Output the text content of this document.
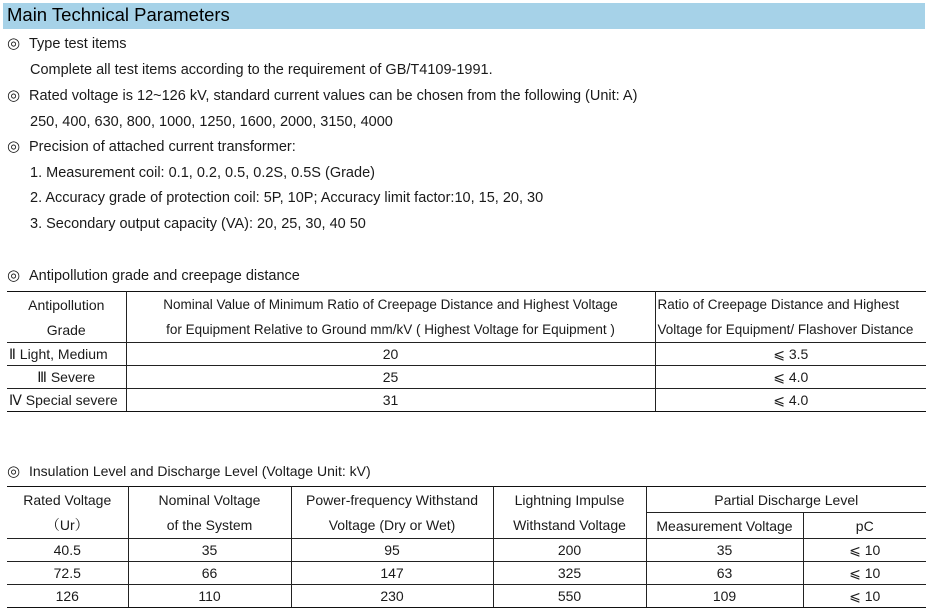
Main Technical Parameters
◎ Type test items
Complete all test items according to the requirement of GB/T4109-1991.
◎ Rated voltage is 12~126 kV, standard current values can be chosen from the following (Unit: A)
250, 400, 630, 800, 1000, 1250, 1600, 2000, 3150, 4000
◎ Precision of attached current transformer:
1. Measurement coil: 0.1, 0.2, 0.5, 0.2S, 0.5S (Grade)
2. Accuracy grade of protection coil: 5P, 10P; Accuracy limit factor:10, 15, 20, 30
3. Secondary output capacity (VA): 20, 25, 30, 40 50
◎ Antipollution grade and creepage distance
Antipollution	Nominal Value of Minimum Ratio of Creepage Distance and Highest Voltage	Ratio of Creepage Distance and Highest
Grade	for Equipment Relative to Ground mm/kV ( Highest Voltage for Equipment )	Voltage for Equipment/ Flashover Distance
Ⅱ Light, Medium	20	⩽ 3.5
Ⅲ Severe	25	⩽ 4.0
Ⅳ Special severe	31	⩽ 4.0
◎ Insulation Level and Discharge Level (Voltage Unit: kV)
Rated Voltage	Nominal Voltage	Power-frequency Withstand	Lightning Impulse	Partial Discharge Level	
（Ur）	of the System	Voltage (Dry or Wet)	Withstand Voltage	Measurement Voltage	pC
40.5	35	95	200	35	⩽ 10
72.5	66	147	325	63	⩽ 10
126	110	230	550	109	⩽ 10
